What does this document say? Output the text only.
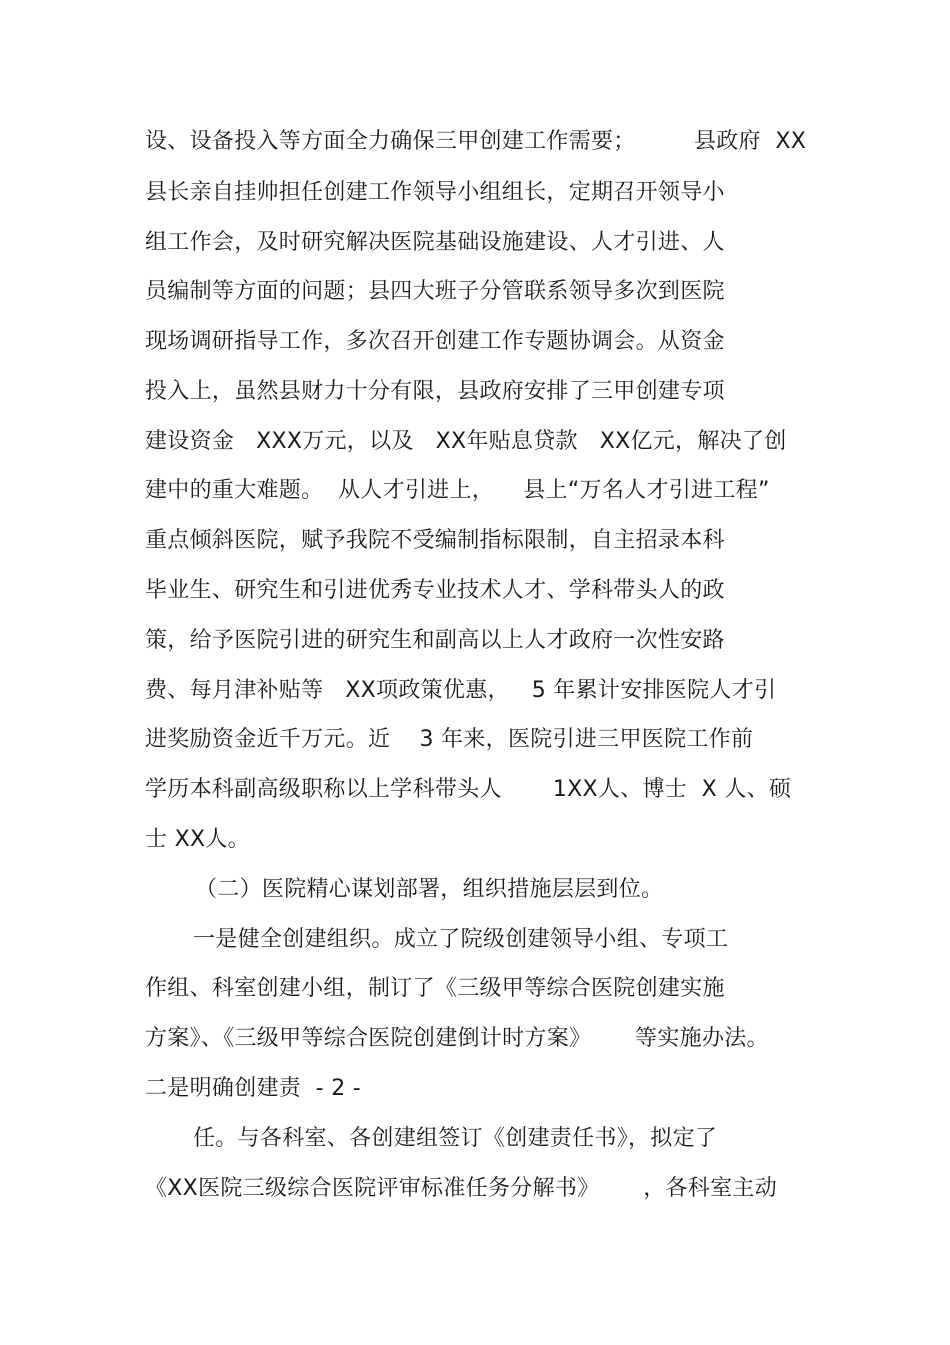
设、设备投入等方面全力确保三甲创建工作需要；        县政府  XX
县长亲自挂帅担任创建工作领导小组组长，定期召开领导小
组工作会，及时研究解决医院基础设施建设、人才引进、人
员编制等方面的问题；县四大班子分管联系领导多次到医院
现场调研指导工作，多次召开创建工作专题协调会。从资金
投入上，虽然县财力十分有限，县政府安排了三甲创建专项
建设资金   XXX万元，以及   XX年贴息贷款   XX亿元，解决了创
建中的重大难题。  从人才引进上，    县上“万名人才引进工程”
重点倾斜医院，赋予我院不受编制指标限制，自主招录本科
毕业生、研究生和引进优秀专业技术人才、学科带头人的政
策，给予医院引进的研究生和副高以上人才政府一次性安路
费、每月津补贴等   XX项政策优惠，   5 年累计安排医院人才引
进奖励资金近千万元。近    3 年来，医院引进三甲医院工作前
学历本科副高级职称以上学科带头人       1XX人、博士  X 人、硕
士 XX人。
（二）医院精心谋划部署，组织措施层层到位。
一是健全创建组织。成立了院级创建领导小组、专项工
作组、科室创建小组，制订了《三级甲等综合医院创建实施
方案》、《三级甲等综合医院创建倒计时方案》      等实施办法。
二是明确创建责  - 2 -
任。与各科室、各创建组签订《创建责任书》，拟定了
《XX医院三级综合医院评审标准任务分解书》      ，各科室主动
